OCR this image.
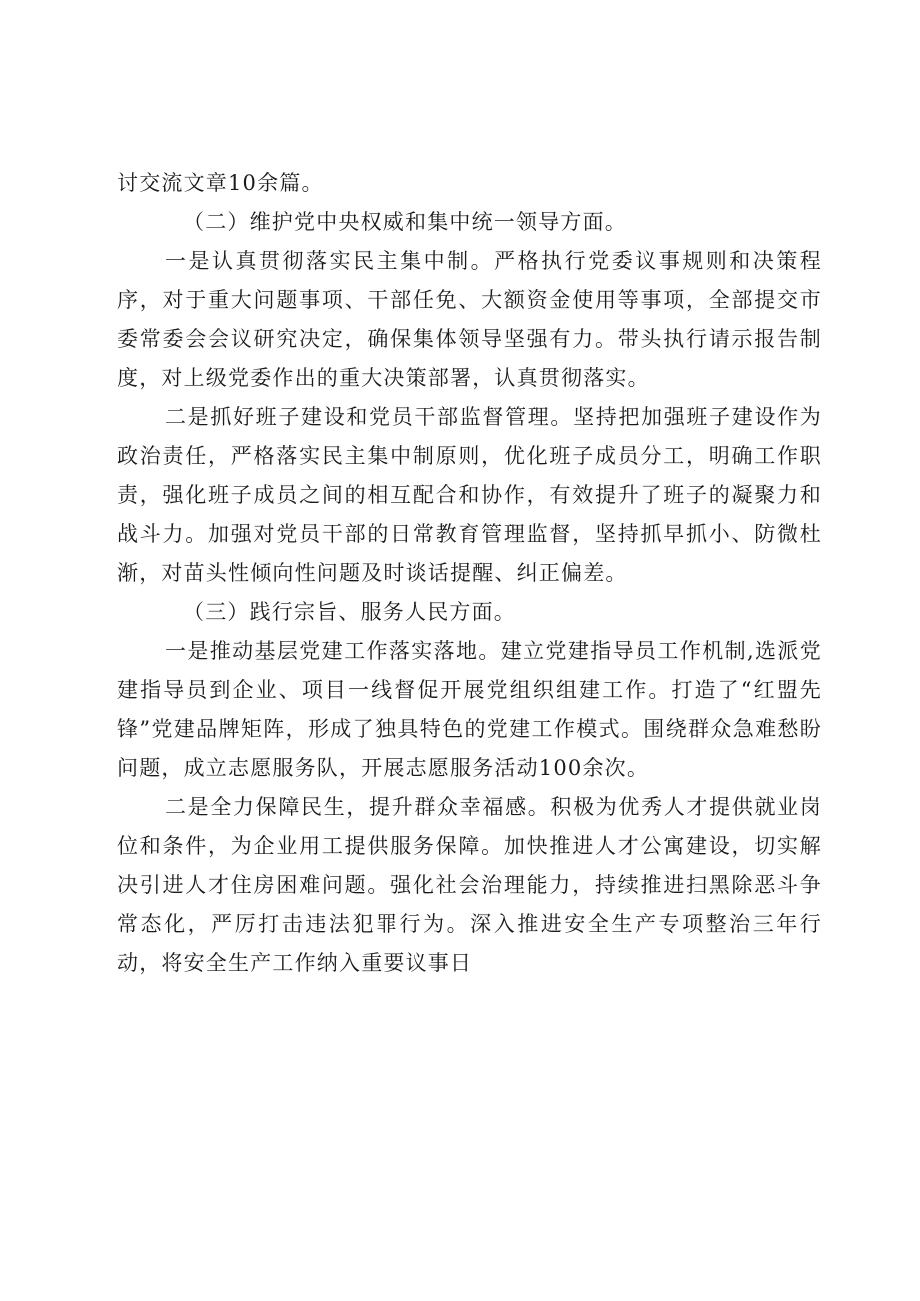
讨交流文章10余篇。

（二）维护党中央权威和集中统一领导方面。

一是认真贯彻落实民主集中制。严格执行党委议事规则和决策程序，对于重大问题事项、干部任免、大额资金使用等事项，全部提交市委常委会会议研究决定，确保集体领导坚强有力。带头执行请示报告制度，对上级党委作出的重大决策部署，认真贯彻落实。

二是抓好班子建设和党员干部监督管理。坚持把加强班子建设作为政治责任，严格落实民主集中制原则，优化班子成员分工，明确工作职责，强化班子成员之间的相互配合和协作，有效提升了班子的凝聚力和战斗力。加强对党员干部的日常教育管理监督，坚持抓早抓小、防微杜渐，对苗头性倾向性问题及时谈话提醒、纠正偏差。

（三）践行宗旨、服务人民方面。

一是推动基层党建工作落实落地。建立党建指导员工作机制,选派党建指导员到企业、项目一线督促开展党组织组建工作。打造了“红盟先锋”党建品牌矩阵，形成了独具特色的党建工作模式。围绕群众急难愁盼问题，成立志愿服务队，开展志愿服务活动100余次。

二是全力保障民生，提升群众幸福感。积极为优秀人才提供就业岗位和条件，为企业用工提供服务保障。加快推进人才公寓建设，切实解决引进人才住房困难问题。强化社会治理能力，持续推进扫黑除恶斗争常态化，严厉打击违法犯罪行为。深入推进安全生产专项整治三年行动，将安全生产工作纳入重要议事日
